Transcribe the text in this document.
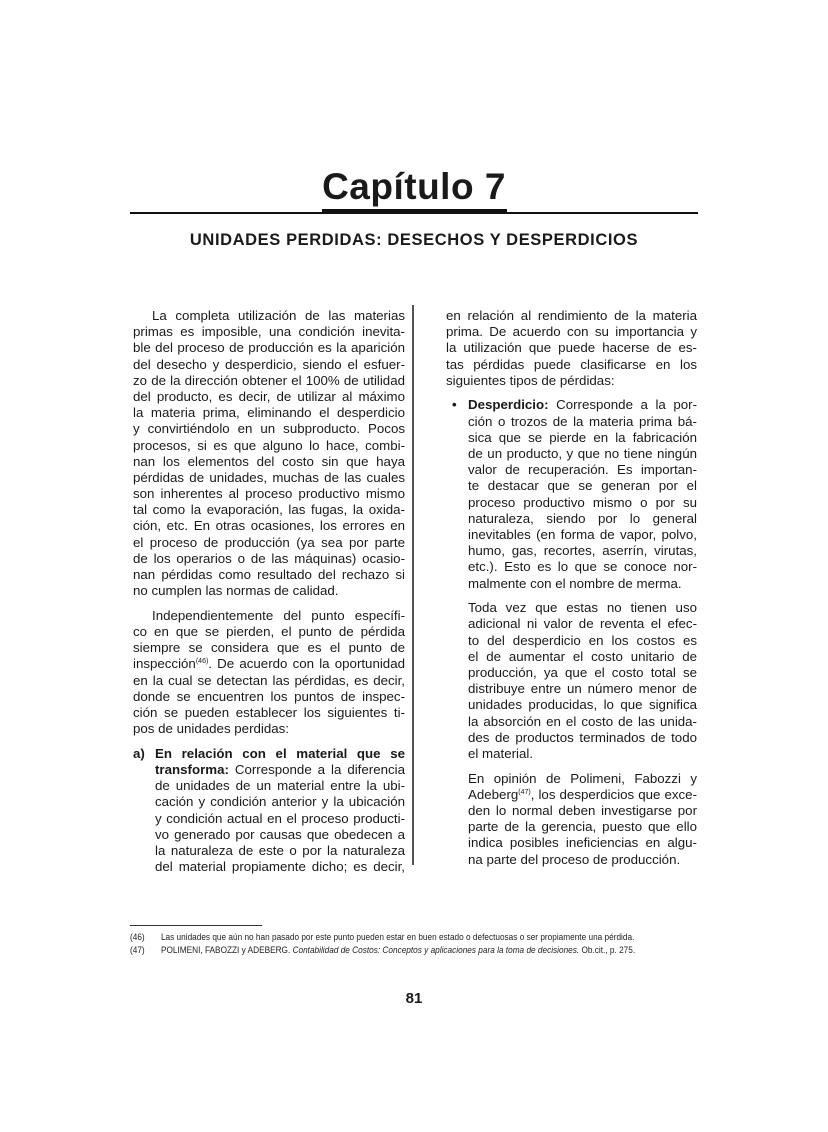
Capítulo 7
UNIDADES PERDIDAS: DESECHOS Y DESPERDICIOS
La completa utilización de las materias
primas es imposible, una condición inevita-
ble del proceso de producción es la aparición
del desecho y desperdicio, siendo el esfuer-
zo de la dirección obtener el 100% de utilidad
del producto, es decir, de utilizar al máximo
la materia prima, eliminando el desperdicio
y convirtiéndolo en un subproducto. Pocos
procesos, si es que alguno lo hace, combi-
nan los elementos del costo sin que haya
pérdidas de unidades, muchas de las cuales
son inherentes al proceso productivo mismo
tal como la evaporación, las fugas, la oxida-
ción, etc. En otras ocasiones, los errores en
el proceso de producción (ya sea por parte
de los operarios o de las máquinas) ocasio-
nan pérdidas como resultado del rechazo si
no cumplen las normas de calidad.
Independientemente del punto específi-
co en que se pierden, el punto de pérdida
siempre se considera que es el punto de
inspección$^{(46)}$. De acuerdo con la oportunidad
en la cual se detectan las pérdidas, es decir,
donde se encuentren los puntos de inspec-
ción se pueden establecer los siguientes ti-
pos de unidades perdidas:
a) En relación con el material que se
transforma: Corresponde a la diferencia
de unidades de un material entre la ubi-
cación y condición anterior y la ubicación
y condición actual en el proceso producti-
vo generado por causas que obedecen a
la naturaleza de este o por la naturaleza
del material propiamente dicho; es decir,
en relación al rendimiento de la materia
prima. De acuerdo con su importancia y
la utilización que puede hacerse de es-
tas pérdidas puede clasificarse en los
siguientes tipos de pérdidas:
• Desperdicio: Corresponde a la por-
ción o trozos de la materia prima bá-
sica que se pierde en la fabricación
de un producto, y que no tiene ningún
valor de recuperación. Es importan-
te destacar que se generan por el
proceso productivo mismo o por su
naturaleza, siendo por lo general
inevitables (en forma de vapor, polvo,
humo, gas, recortes, aserrín, virutas,
etc.). Esto es lo que se conoce nor-
malmente con el nombre de merma.
Toda vez que estas no tienen uso
adicional ni valor de reventa el efec-
to del desperdicio en los costos es
el de aumentar el costo unitario de
producción, ya que el costo total se
distribuye entre un número menor de
unidades producidas, lo que significa
la absorción en el costo de las unida-
des de productos terminados de todo
el material.
En opinión de Polimeni, Fabozzi y
Adeberg$^{(47)}$, los desperdicios que exce-
den lo normal deben investigarse por
parte de la gerencia, puesto que ello
indica posibles ineficiencias en algu-
na parte del proceso de producción.
(46) Las unidades que aún no han pasado por este punto pueden estar en buen estado o defectuosas o ser propiamente una pérdida.
(47) POLIMENI, FABOZZI y ADEBERG. Contabilidad de Costos: Conceptos y aplicaciones para la toma de decisiones. Ob.cit., p. 275.
81
